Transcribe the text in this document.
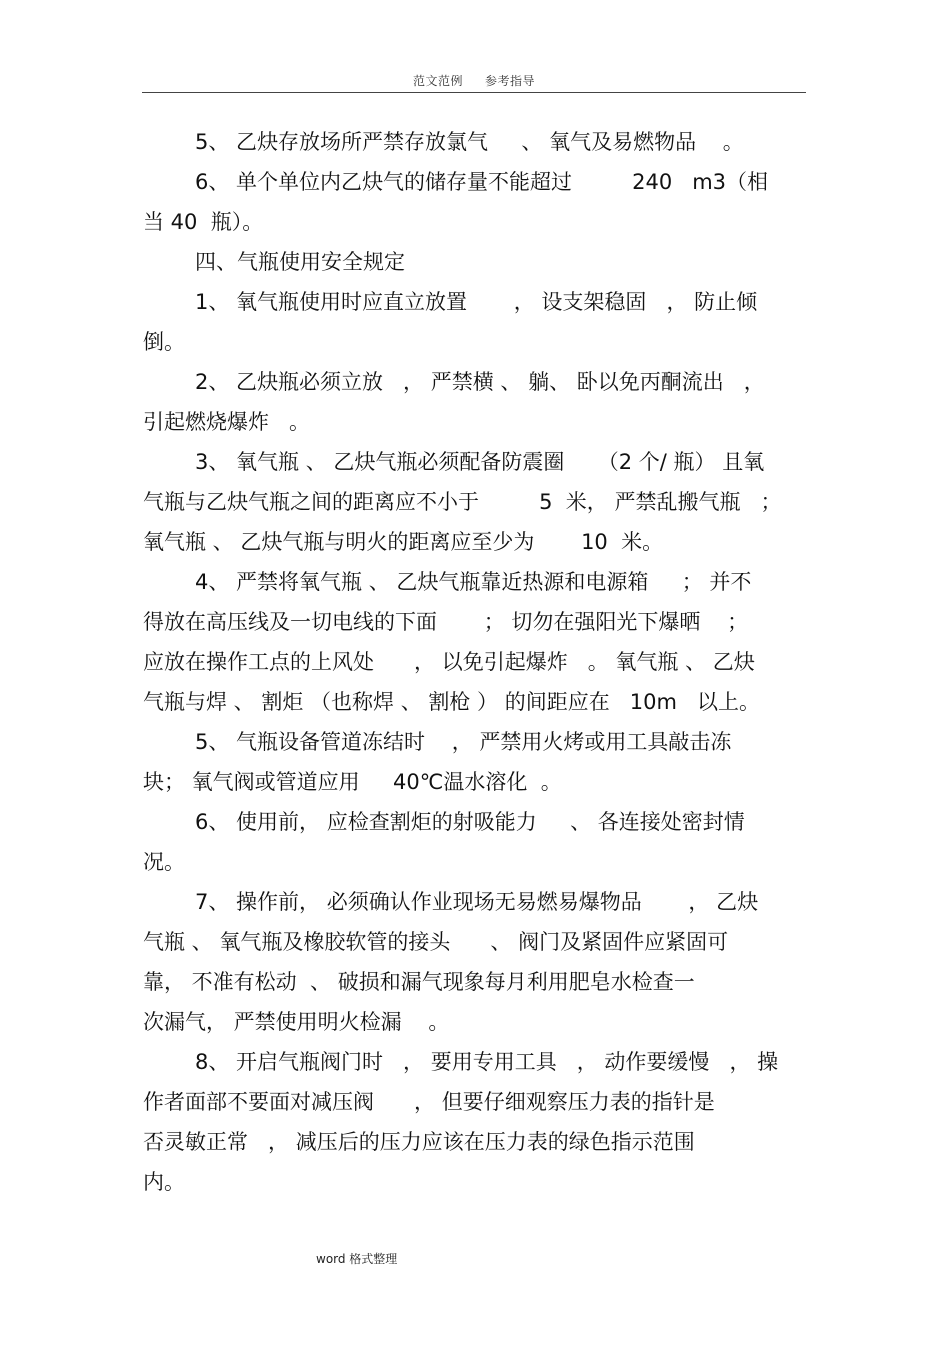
范文范例 参考指导
5、 乙炔存放场所严禁存放氯气     、 氧气及易燃物品    。
6、 单个单位内乙炔气的储存量不能超过         240   m3（相
当 40  瓶）。
四、气瓶使用安全规定
1、 氧气瓶使用时应直立放置       ， 设支架稳固   ， 防止倾
倒。
2、 乙炔瓶必须立放   ， 严禁横 、 躺、 卧以免丙酮流出   ，
引起燃烧爆炸   。
3、 氧气瓶 、 乙炔气瓶必须配备防震圈     （2 个/ 瓶） 且氧
气瓶与乙炔气瓶之间的距离应不小于         5  米， 严禁乱搬气瓶   ；
氧气瓶 、 乙炔气瓶与明火的距离应至少为       10  米。
4、 严禁将氧气瓶 、 乙炔气瓶靠近热源和电源箱     ； 并不
得放在高压线及一切电线的下面       ； 切勿在强阳光下爆晒    ；
应放在操作工点的上风处      ， 以免引起爆炸   。 氧气瓶 、 乙炔
气瓶与焊 、 割炬 （也称焊 、 割枪 ） 的间距应在   10m   以上。
5、 气瓶设备管道冻结时    ， 严禁用火烤或用工具敲击冻
块； 氧气阀或管道应用     40℃温水溶化  。
6、 使用前， 应检查割炬的射吸能力     、 各连接处密封情
况。
7、 操作前， 必须确认作业现场无易燃易爆物品       ， 乙炔
气瓶 、 氧气瓶及橡胶软管的接头      、 阀门及紧固件应紧固可
靠， 不准有松动  、 破损和漏气现象每月利用肥皂水检查一
次漏气， 严禁使用明火检漏    。
8、 开启气瓶阀门时   ， 要用专用工具   ， 动作要缓慢   ， 操
作者面部不要面对减压阀      ， 但要仔细观察压力表的指针是
否灵敏正常   ， 减压后的压力应该在压力表的绿色指示范围
内。
word 格式整理
